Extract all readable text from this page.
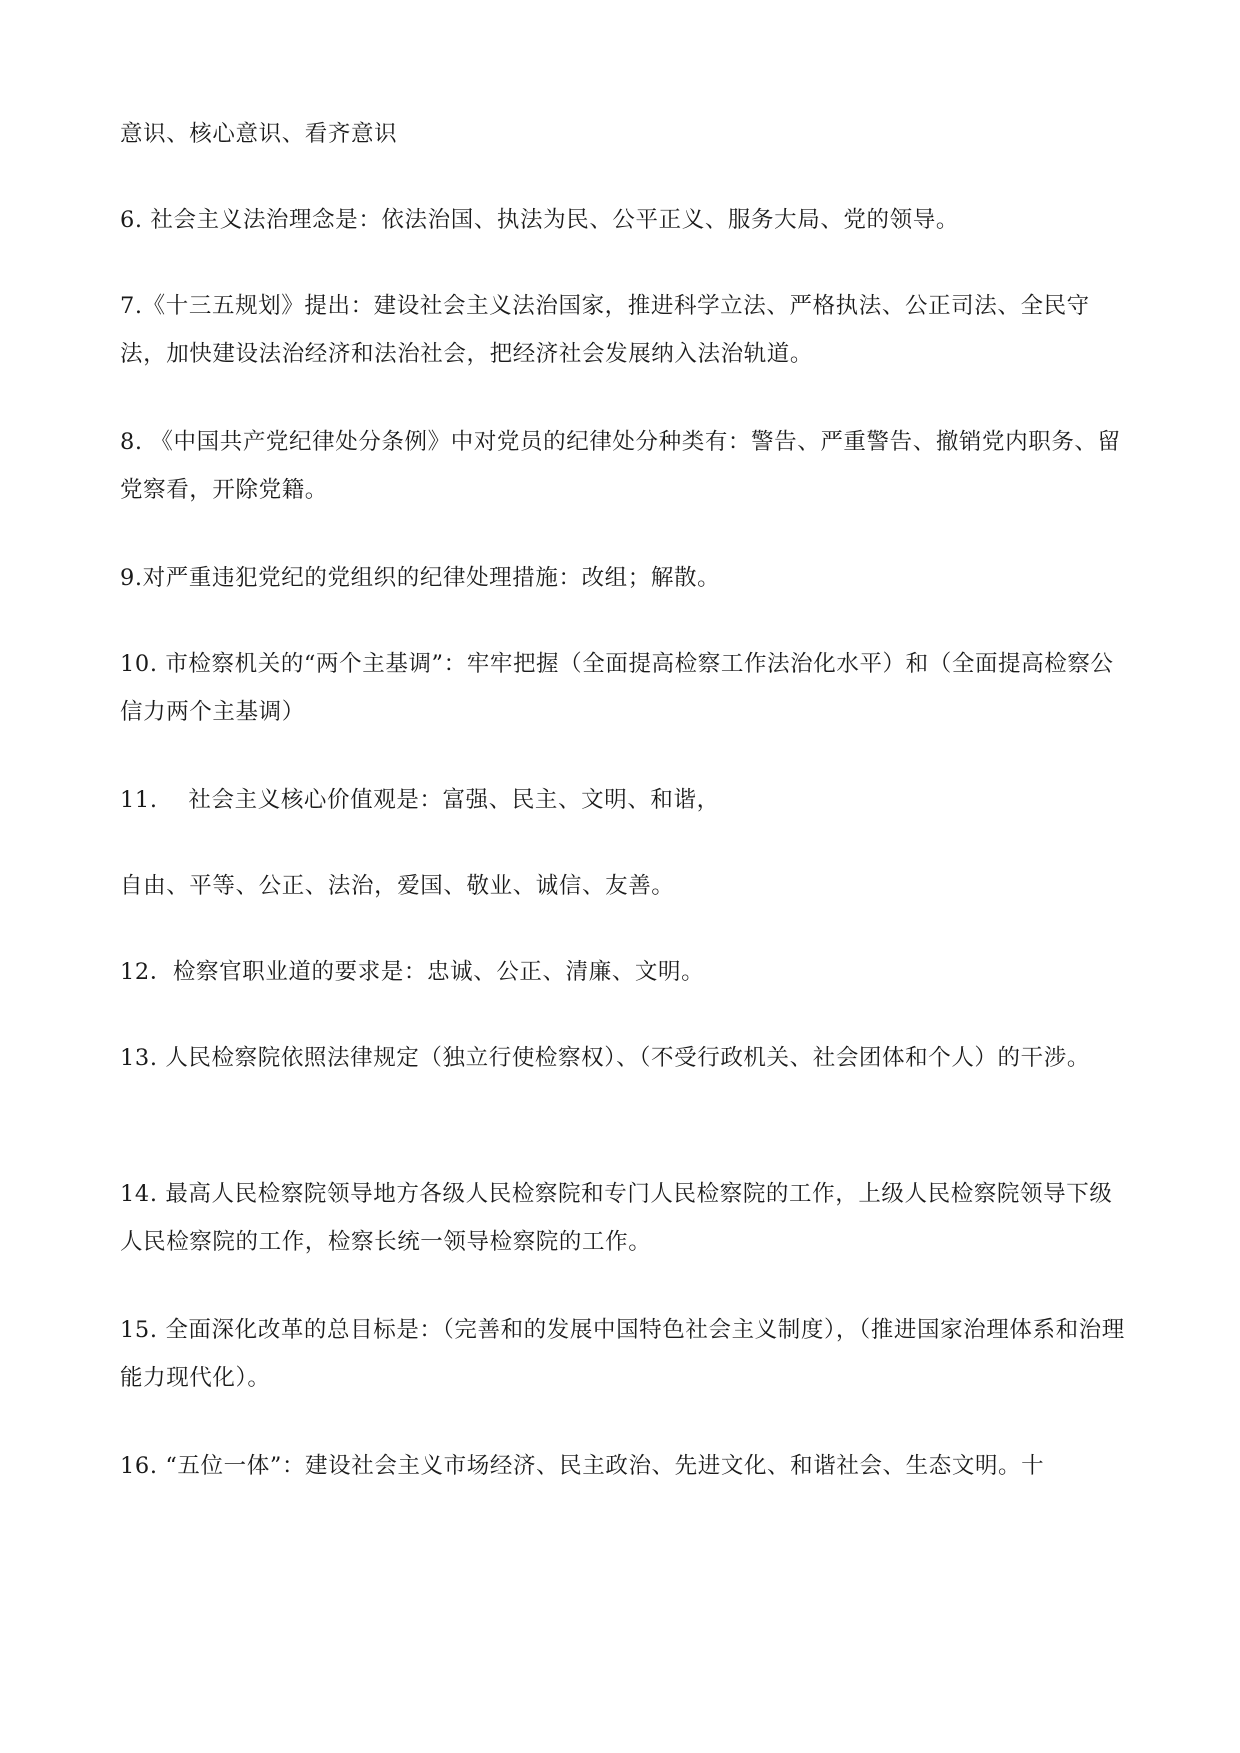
意识、核心意识、看齐意识

6. 社会主义法治理念是：依法治国、执法为民、公平正义、服务大局、党的领导。

7.《十三五规划》提出：建设社会主义法治国家，推进科学立法、严格执法、公正司法、全民守法，加快建设法治经济和法治社会，把经济社会发展纳入法治轨道。

8. 《中国共产党纪律处分条例》中对党员的纪律处分种类有：警告、严重警告、撤销党内职务、留党察看，开除党籍。

9.对严重违犯党纪的党组织的纪律处理措施：改组；解散。

10. 市检察机关的“两个主基调”：牢牢把握（全面提高检察工作法治化水平）和（全面提高检察公信力两个主基调）

11.　 社会主义核心价值观是：富强、民主、文明、和谐，

自由、平等、公正、法治，爱国、敬业、诚信、友善。

12．检察官职业道的要求是：忠诚、公正、清廉、文明。

13. 人民检察院依照法律规定（独立行使检察权）、（不受行政机关、社会团体和个人）的干涉。

14. 最高人民检察院领导地方各级人民检察院和专门人民检察院的工作，上级人民检察院领导下级人民检察院的工作，检察长统一领导检察院的工作。

15. 全面深化改革的总目标是：（完善和的发展中国特色社会主义制度），（推进国家治理体系和治理能力现代化）。

16. “五位一体”：建设社会主义市场经济、民主政治、先进文化、和谐社会、生态文明。十
